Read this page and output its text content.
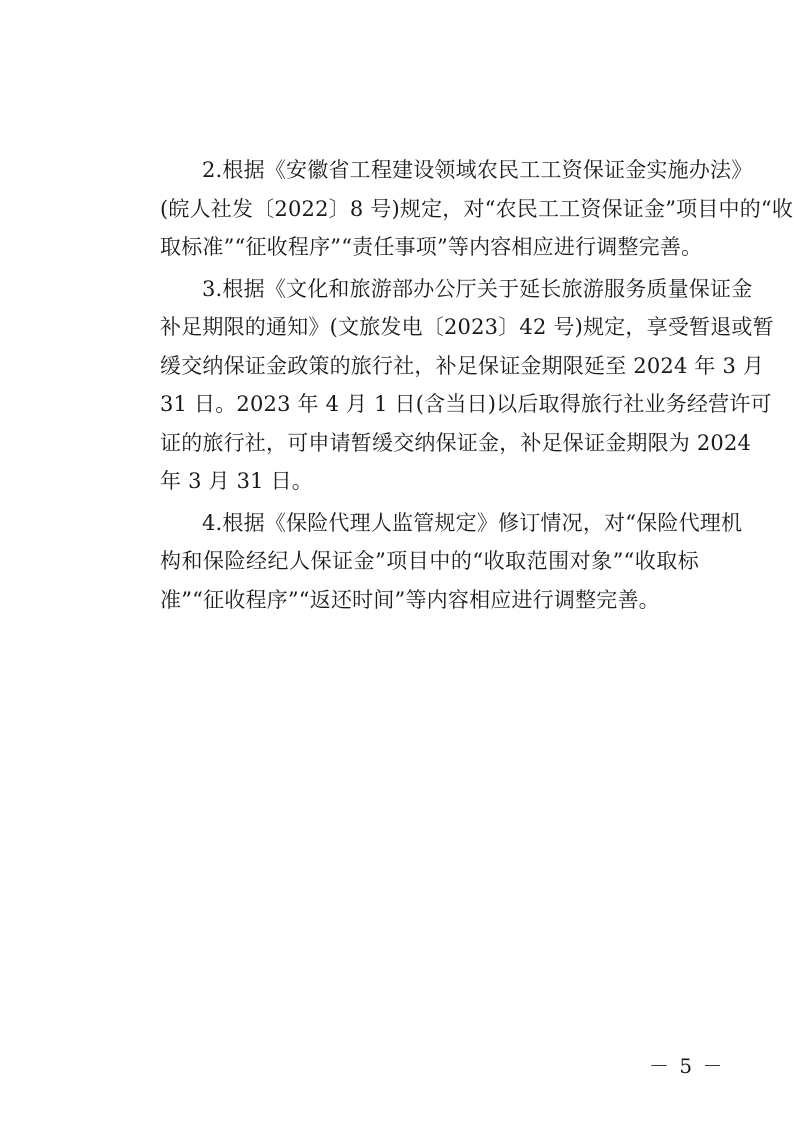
2.根据《安徽省工程建设领域农民工工资保证金实施办法》
(皖人社发〔2022〕8 号)规定，对“农民工工资保证金”项目中的“收
取标准”“征收程序”“责任事项”等内容相应进行调整完善。
3.根据《文化和旅游部办公厅关于延长旅游服务质量保证金
补足期限的通知》(文旅发电〔2023〕42 号)规定，享受暂退或暂
缓交纳保证金政策的旅行社，补足保证金期限延至 2024 年 3 月
31 日。2023 年 4 月 1 日(含当日)以后取得旅行社业务经营许可
证的旅行社，可申请暂缓交纳保证金，补足保证金期限为 2024
年 3 月 31 日。
4.根据《保险代理人监管规定》修订情况，对“保险代理机
构和保险经纪人保证金”项目中的“收取范围对象”“收取标
准”“征收程序”“返还时间”等内容相应进行调整完善。
－ 5 －
